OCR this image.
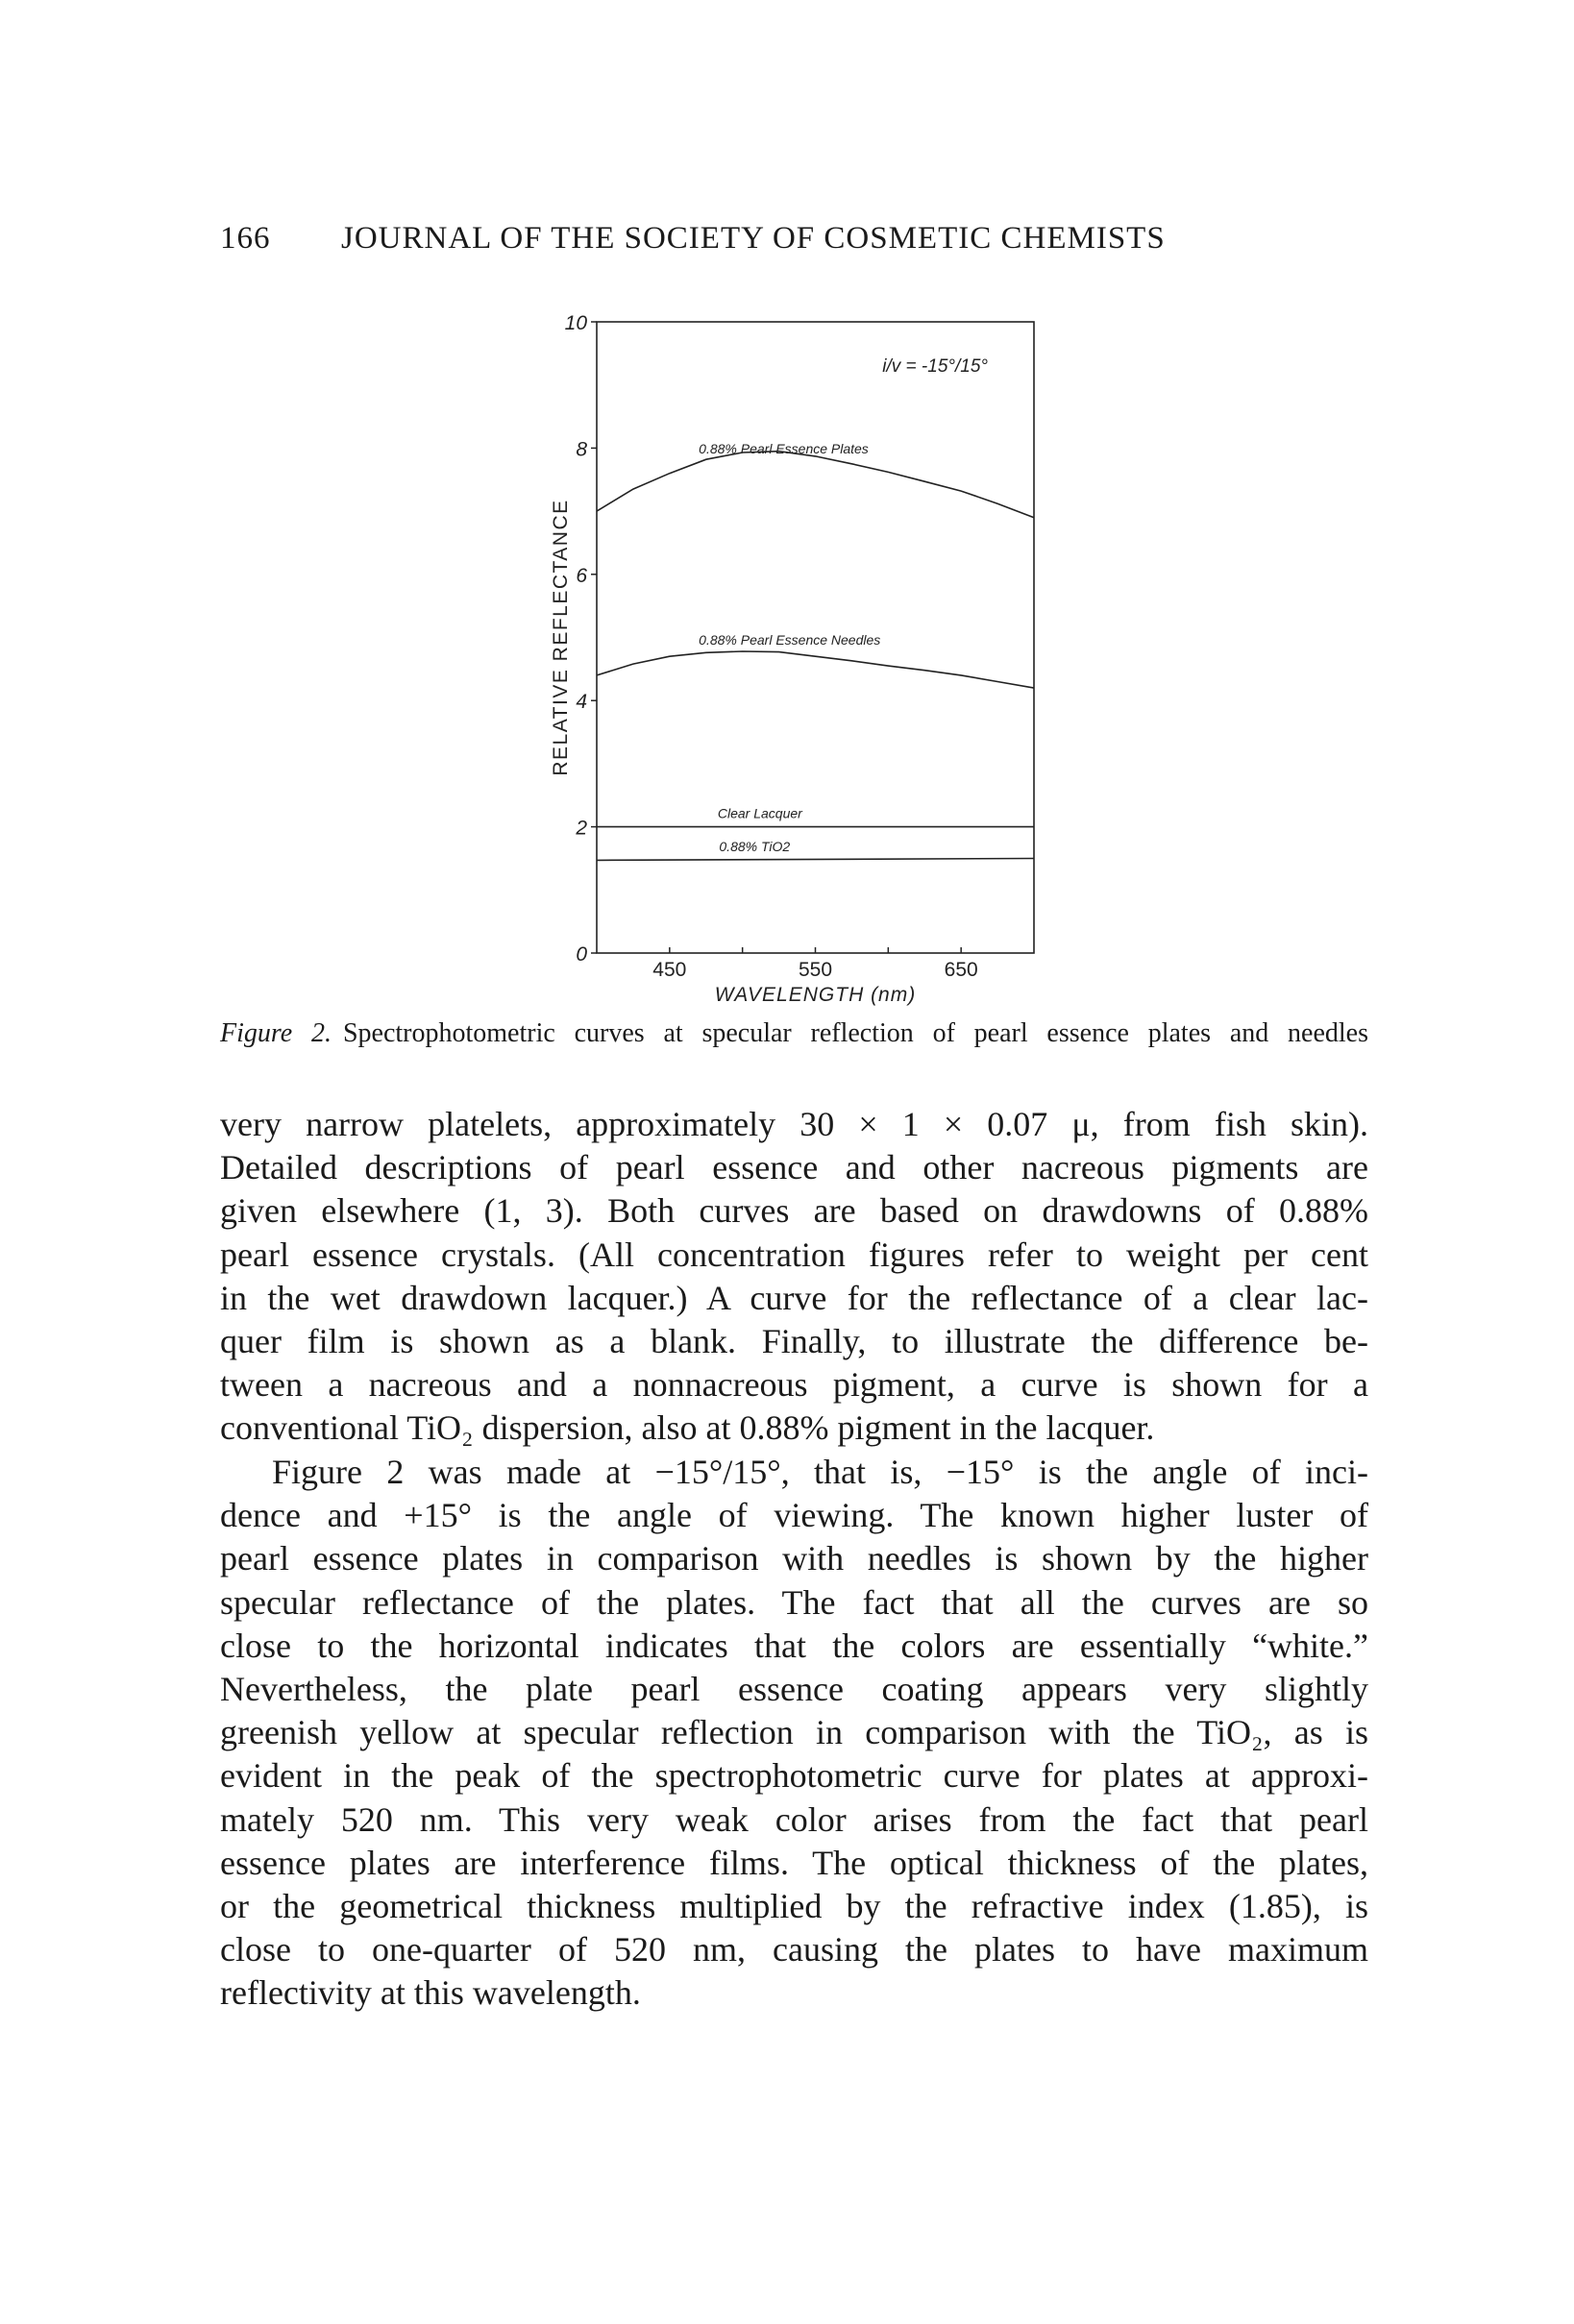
166 JOURNAL OF THE SOCIETY OF COSMETIC CHEMISTS
0
2
4
6
8
10
450	550	650
WAVELENGTH (nm)
RELATIVE REFLECTANCE
i/v = -15°/15°
0.88% Pearl Essence Plates
0.88% Pearl Essence Needles
Clear Lacquer
0.88% TiO2
Figure 2. Spectrophotometric curves at specular reflection of pearl essence plates and needles
very narrow platelets, approximately 30 × 1 × 0.07 μ, from fish skin).
Detailed descriptions of pearl essence and other nacreous pigments are
given elsewhere (1, 3). Both curves are based on drawdowns of 0.88%
pearl essence crystals. (All concentration figures refer to weight per cent
in the wet drawdown lacquer.) A curve for the reflectance of a clear lac-
quer film is shown as a blank. Finally, to illustrate the difference be-
tween a nacreous and a nonnacreous pigment, a curve is shown for a
conventional TiO₂ dispersion, also at 0.88% pigment in the lacquer.
Figure 2 was made at −15°/15°, that is, −15° is the angle of inci-
dence and +15° is the angle of viewing. The known higher luster of
pearl essence plates in comparison with needles is shown by the higher
specular reflectance of the plates. The fact that all the curves are so
close to the horizontal indicates that the colors are essentially “white.”
Nevertheless, the plate pearl essence coating appears very slightly
greenish yellow at specular reflection in comparison with the TiO₂, as is
evident in the peak of the spectrophotometric curve for plates at approxi-
mately 520 nm. This very weak color arises from the fact that pearl
essence plates are interference films. The optical thickness of the plates,
or the geometrical thickness multiplied by the refractive index (1.85), is
close to one-quarter of 520 nm, causing the plates to have maximum
reflectivity at this wavelength.
